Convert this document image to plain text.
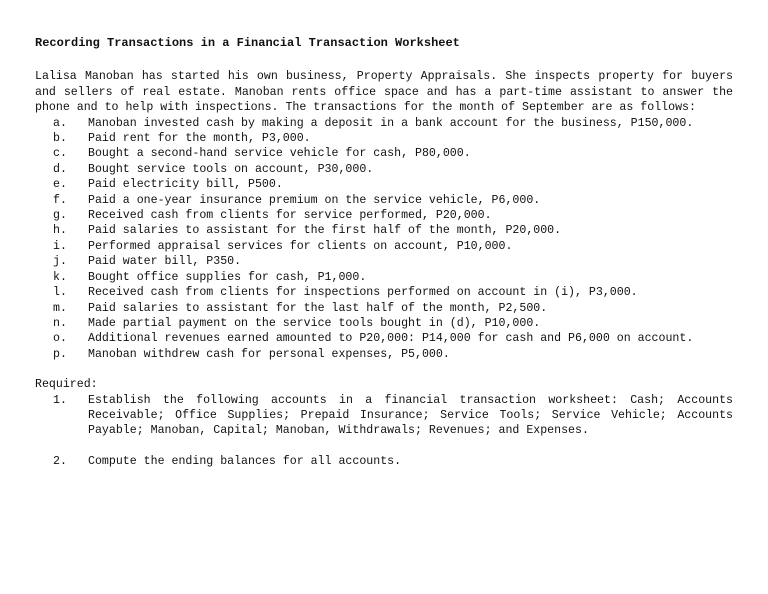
Recording Transactions in a Financial Transaction Worksheet

Lalisa Manoban has started his own business, Property Appraisals. She inspects property for buyers and sellers of real estate. Manoban rents office space and has a part-time assistant to answer the phone and to help with inspections. The transactions for the month of September are as follows:

a.	Manoban invested cash by making a deposit in a bank account for the business, P150,000.
b.	Paid rent for the month, P3,000.
c.	Bought a second-hand service vehicle for cash, P80,000.
d.	Bought service tools on account, P30,000.
e.	Paid electricity bill, P500.
f.	Paid a one-year insurance premium on the service vehicle, P6,000.
g.	Received cash from clients for service performed, P20,000.
h.	Paid salaries to assistant for the first half of the month, P20,000.
i.	Performed appraisal services for clients on account, P10,000.
j.	Paid water bill, P350.
k.	Bought office supplies for cash, P1,000.
l.	Received cash from clients for inspections performed on account in (i), P3,000.
m.	Paid salaries to assistant for the last half of the month, P2,500.
n.	Made partial payment on the service tools bought in (d), P10,000.
o.	Additional revenues earned amounted to P20,000: P14,000 for cash and P6,000 on account.
p.	Manoban withdrew cash for personal expenses, P5,000.
Required:
1.	Establish the following accounts in a financial transaction worksheet: Cash; Accounts Receivable; Office Supplies; Prepaid Insurance; Service Tools; Service Vehicle; Accounts Payable; Manoban, Capital; Manoban, Withdrawals; Revenues; and Expenses.
2.	Compute the ending balances for all accounts.
